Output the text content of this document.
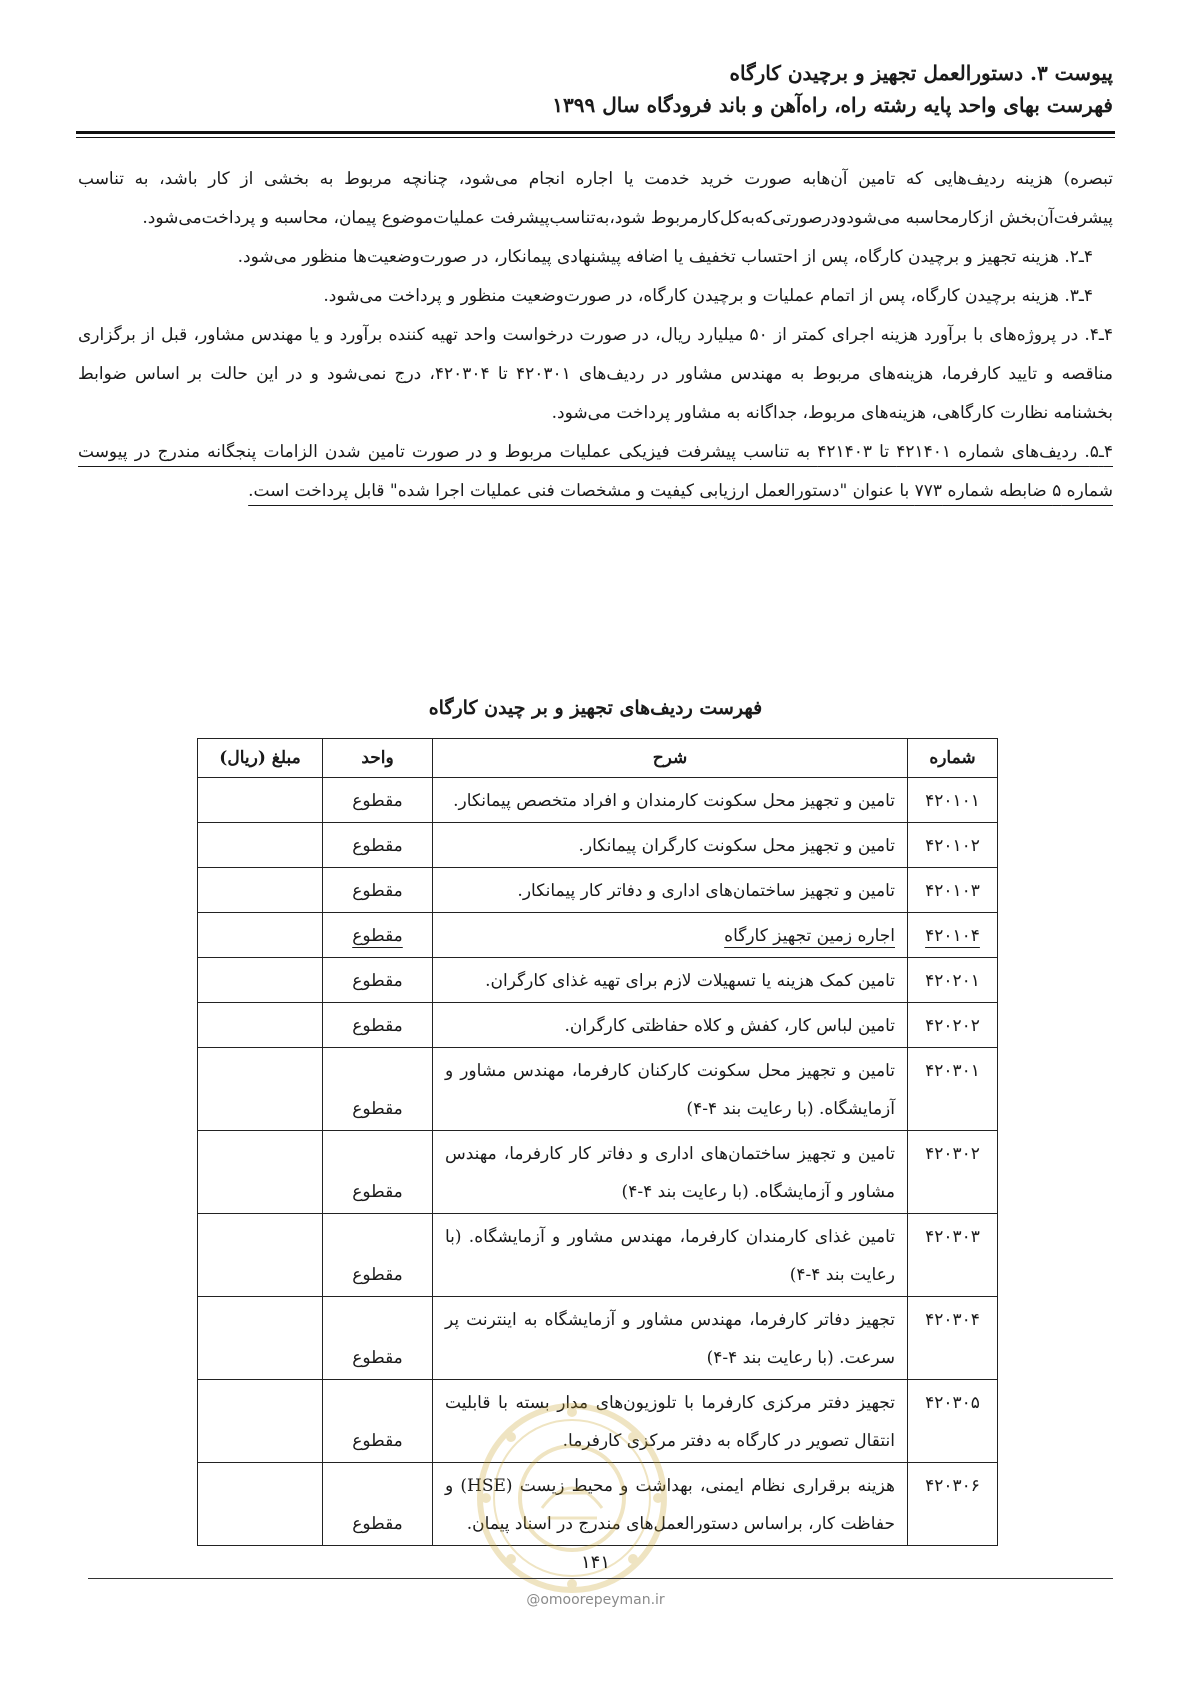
پیوست ۳. دستورالعمل تجهیز و برچیدن کارگاه
فهرست بهای واحد پایه رشته راه، راه‌آهن و باند فرودگاه سال ۱۳۹۹

تبصره) هزینه ردیف‌هایی که تامین آن‌هابه صورت خرید خدمت یا اجاره انجام می‌شود، چنانچه مربوط به بخشی از کار باشد، به تناسب پیشرفت‌آن‌بخش ازکارمحاسبه می‌شودودرصورتی‌که‌به‌کل‌کارمربوط شود،به‌تناسب‌پیشرفت عملیات‌موضوع پیمان، محاسبه و پرداخت‌می‌شود.

۴ـ۲. هزینه تجهیز و برچیدن کارگاه، پس از احتساب تخفیف یا اضافه پیشنهادی پیمانکار، در صورت‌وضعیت‌ها منظور می‌شود.

۴ـ۳. هزینه برچیدن کارگاه، پس از اتمام عملیات و برچیدن کارگاه، در صورت‌وضعیت منظور و پرداخت می‌شود.

۴ـ۴. در پروژه‌های با برآورد هزینه اجرای کمتر از ۵۰ میلیارد ریال، در صورت درخواست واحد تهیه کننده برآورد و یا مهندس مشاور، قبل از برگزاری مناقصه و تایید کارفرما، هزینه‌های مربوط به مهندس مشاور در ردیف‌های ۴۲۰۳۰۱ تا ۴۲۰۳۰۴، درج نمی‌شود و در این حالت بر اساس ضوابط بخشنامه نظارت کارگاهی، هزینه‌های مربوط، جداگانه به مشاور پرداخت می‌شود.

۴ـ۵. ردیف‌های شماره ۴۲۱۴۰۱ تا ۴۲۱۴۰۳ به تناسب پیشرفت فیزیکی عملیات مربوط و در صورت تامین شدن الزامات پنجگانه مندرج در پیوست شماره ۵ ضابطه شماره ۷۷۳ با عنوان "دستورالعمل ارزیابی کیفیت و مشخصات فنی عملیات اجرا شده" قابل پرداخت است.

فهرست ردیف‌های تجهیز و بر چیدن کارگاه
شماره	شرح	واحد	مبلغ (ریال)
۴۲۰۱۰۱	تامین و تجهیز محل سکونت کارمندان و افراد متخصص پیمانکار.	مقطوع	
۴۲۰۱۰۲	تامین و تجهیز محل سکونت کارگران پیمانکار.	مقطوع	
۴۲۰۱۰۳	تامین و تجهیز ساختمان‌های اداری و دفاتر کار پیمانکار.	مقطوع	
۴۲۰۱۰۴	اجاره زمین تجهیز کارگاه	مقطوع	
۴۲۰۲۰۱	تامین کمک هزینه یا تسهیلات لازم برای تهیه غذای کارگران.	مقطوع	
۴۲۰۲۰۲	تامین لباس کار، کفش و کلاه حفاظتی کارگران.	مقطوع	
۴۲۰۳۰۱	تامین و تجهیز محل سکونت کارکنان کارفرما، مهندس مشاور و آزمایشگاه. (با رعایت بند ۴-۴)	مقطوع	
۴۲۰۳۰۲	تامین و تجهیز ساختمان‌های اداری و دفاتر کار کارفرما، مهندس مشاور و آزمایشگاه. (با رعایت بند ۴-۴)	مقطوع	
۴۲۰۳۰۳	تامین غذای کارمندان کارفرما، مهندس مشاور و آزمایشگاه. (با رعایت بند ۴-۴)	مقطوع	
۴۲۰۳۰۴	تجهیز دفاتر کارفرما، مهندس مشاور و آزمایشگاه به اینترنت پر سرعت. (با رعایت بند ۴-۴)	مقطوع	
۴۲۰۳۰۵	تجهیز دفتر مرکزی کارفرما با تلوزیون‌های مدار بسته با قابلیت انتقال تصویر در کارگاه به دفتر مرکزی کارفرما.	مقطوع	
۴۲۰۳۰۶	هزینه برقراری نظام ایمنی، بهداشت و محیط زیست (HSE) و حفاظت کار، براساس دستورالعمل‌های مندرج در اسناد پیمان.	مقطوع	
۱۴۱
@omoorepeyman.ir
